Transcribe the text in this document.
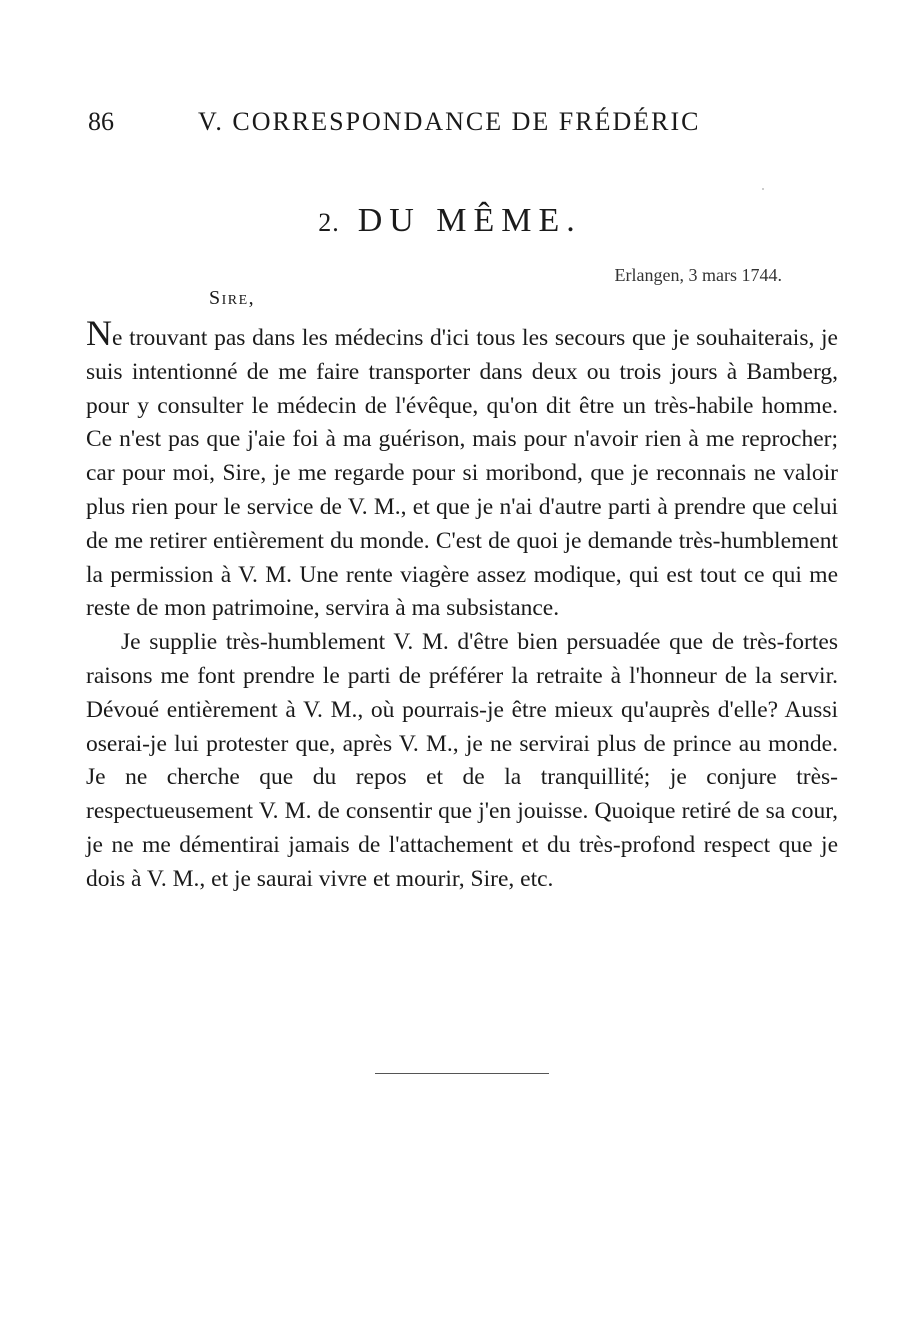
86	V. CORRESPONDANCE DE FRÉDÉRIC
2. DU MÊME.
Erlangen, 3 mars 1744.
Sire,

Ne trouvant pas dans les médecins d'ici tous les secours que je souhaiterais, je suis intentionné de me faire transporter dans deux ou trois jours à Bamberg, pour y consulter le médecin de l'évêque, qu'on dit être un très-habile homme. Ce n'est pas que j'aie foi à ma guérison, mais pour n'avoir rien à me reprocher; car pour moi, Sire, je me regarde pour si moribond, que je reconnais ne valoir plus rien pour le service de V. M., et que je n'ai d'autre parti à prendre que celui de me retirer entièrement du monde. C'est de quoi je demande très-humblement la permission à V. M. Une rente viagère assez modique, qui est tout ce qui me reste de mon patrimoine, servira à ma subsistance.

Je supplie très-humblement V. M. d'être bien persuadée que de très-fortes raisons me font prendre le parti de préférer la retraite à l'honneur de la servir. Dévoué entièrement à V. M., où pourrais-je être mieux qu'auprès d'elle? Aussi oserai-je lui protester que, après V. M., je ne servirai plus de prince au monde. Je ne cherche que du repos et de la tranquillité; je conjure très-respectueusement V. M. de consentir que j'en jouisse. Quoique retiré de sa cour, je ne me démentirai jamais de l'attachement et du très-profond respect que je dois à V. M., et je saurai vivre et mourir, Sire, etc.
